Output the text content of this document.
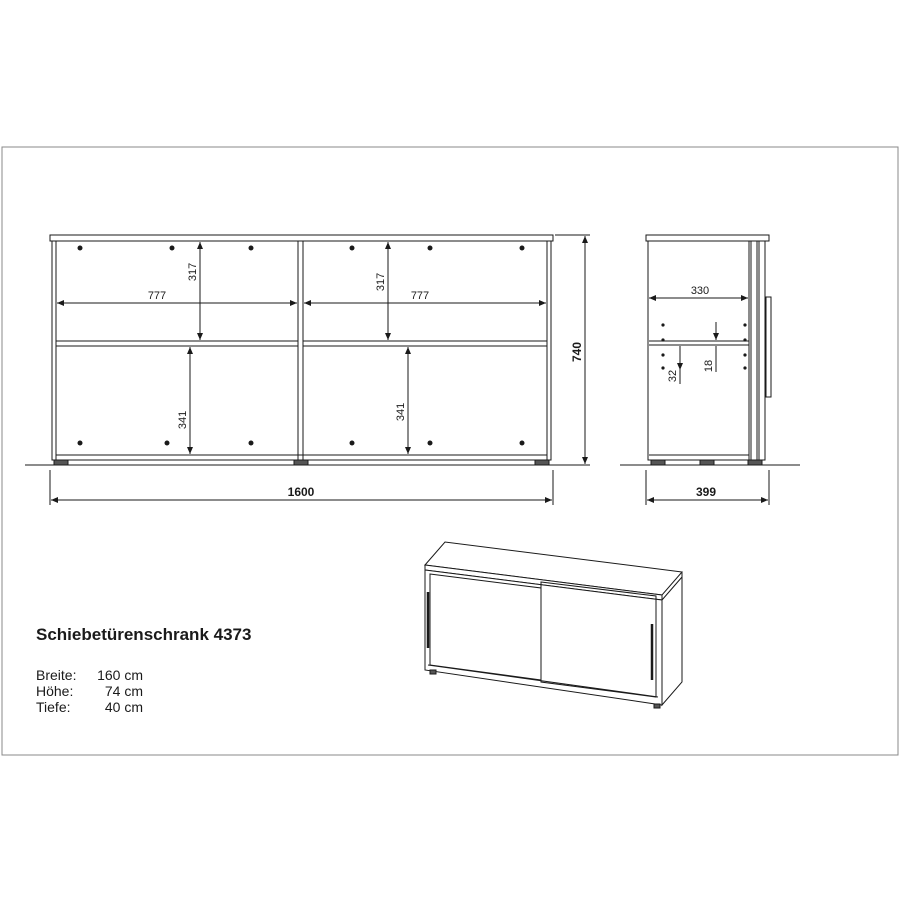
777	777
317
317
341	341
740
1600
330
32
18
399
Schiebetürenschrank 4373
Breite: 160 cm
Höhe: 74 cm
Tiefe: 40 cm
